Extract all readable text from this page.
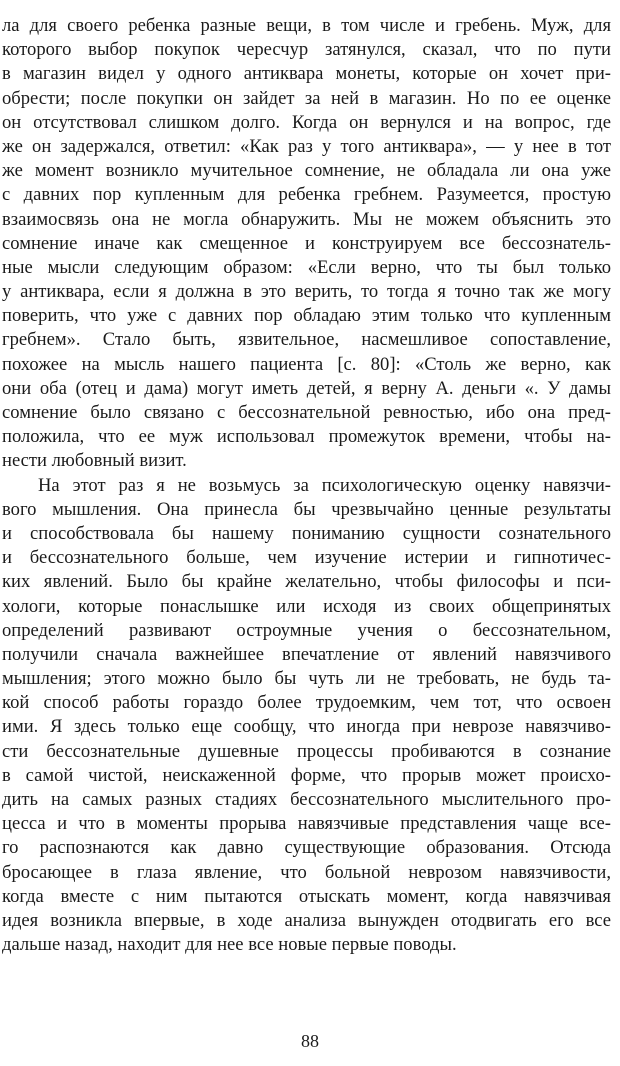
ла для своего ребенка разные вещи, в том числе и гребень. Муж, для
которого выбор покупок чересчур затянулся, сказал, что по пути
в магазин видел у одного антиквара монеты, которые он хочет при-
обрести; после покупки он зайдет за ней в магазин. Но по ее оценке
он отсутствовал слишком долго. Когда он вернулся и на вопрос, где
же он задержался, ответил: «Как раз у того антиквара», — у нее в тот
же момент возникло мучительное сомнение, не обладала ли она уже
с давних пор купленным для ребенка гребнем. Разумеется, простую
взаимосвязь она не могла обнаружить. Мы не можем объяснить это
сомнение иначе как смещенное и конструируем все бессознатель-
ные мысли следующим образом: «Если верно, что ты был только
у антиквара, если я должна в это верить, то тогда я точно так же могу
поверить, что уже с давних пор обладаю этим только что купленным
гребнем». Стало быть, язвительное, насмешливое сопоставление,
похожее на мысль нашего пациента [с. 80]: «Столь же верно, как
они оба (отец и дама) могут иметь детей, я верну А. деньги «. У дамы
сомнение было связано с бессознательной ревностью, ибо она пред-
положила, что ее муж использовал промежуток времени, чтобы на-
нести любовный визит.
На этот раз я не возьмусь за психологическую оценку навязчи-
вого мышления. Она принесла бы чрезвычайно ценные результаты
и способствовала бы нашему пониманию сущности сознательного
и бессознательного больше, чем изучение истерии и гипнотичес-
ких явлений. Было бы крайне желательно, чтобы философы и пси-
хологи, которые понаслышке или исходя из своих общепринятых
определений развивают остроумные учения о бессознательном,
получили сначала важнейшее впечатление от явлений навязчивого
мышления; этого можно было бы чуть ли не требовать, не будь та-
кой способ работы гораздо более трудоемким, чем тот, что освоен
ими. Я здесь только еще сообщу, что иногда при неврозе навязчиво-
сти бессознательные душевные процессы пробиваются в сознание
в самой чистой, неискаженной форме, что прорыв может происхо-
дить на самых разных стадиях бессознательного мыслительного про-
цесса и что в моменты прорыва навязчивые представления чаще все-
го распознаются как давно существующие образования. Отсюда
бросающее в глаза явление, что больной неврозом навязчивости,
когда вместе с ним пытаются отыскать момент, когда навязчивая
идея возникла впервые, в ходе анализа вынужден отодвигать его все
дальше назад, находит для нее все новые первые поводы.
88
